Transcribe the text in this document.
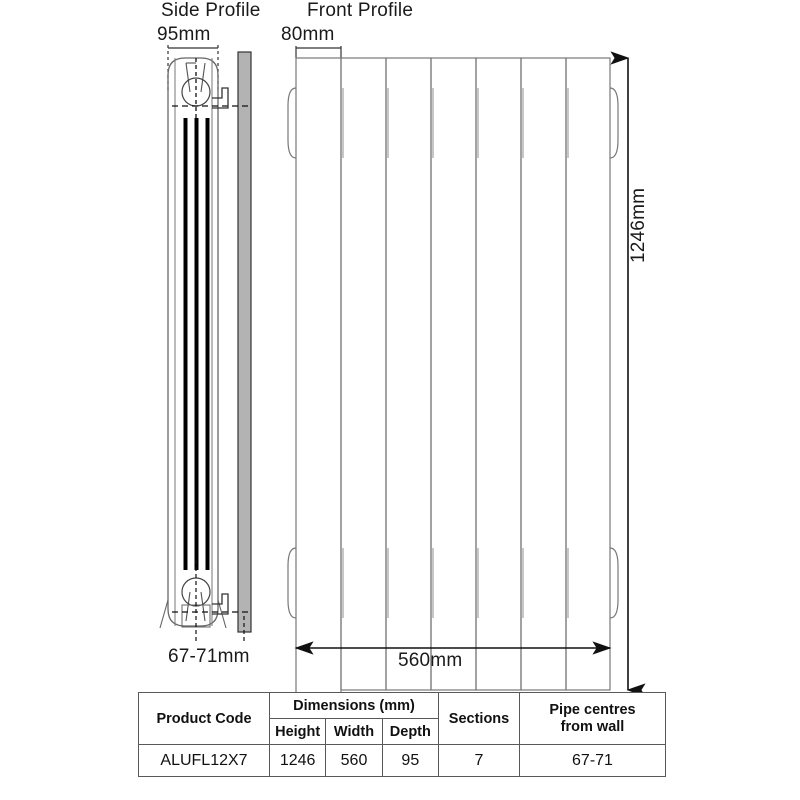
Side Profile Front Profile
95mm	80mm
67-71mm	560mm
1246mm
Product Code	Dimensions (mm)			Sections	Pipe centres
from wall

	Height	Width	Depth		
ALUFL12X7	1246	560	95	7	67-71
